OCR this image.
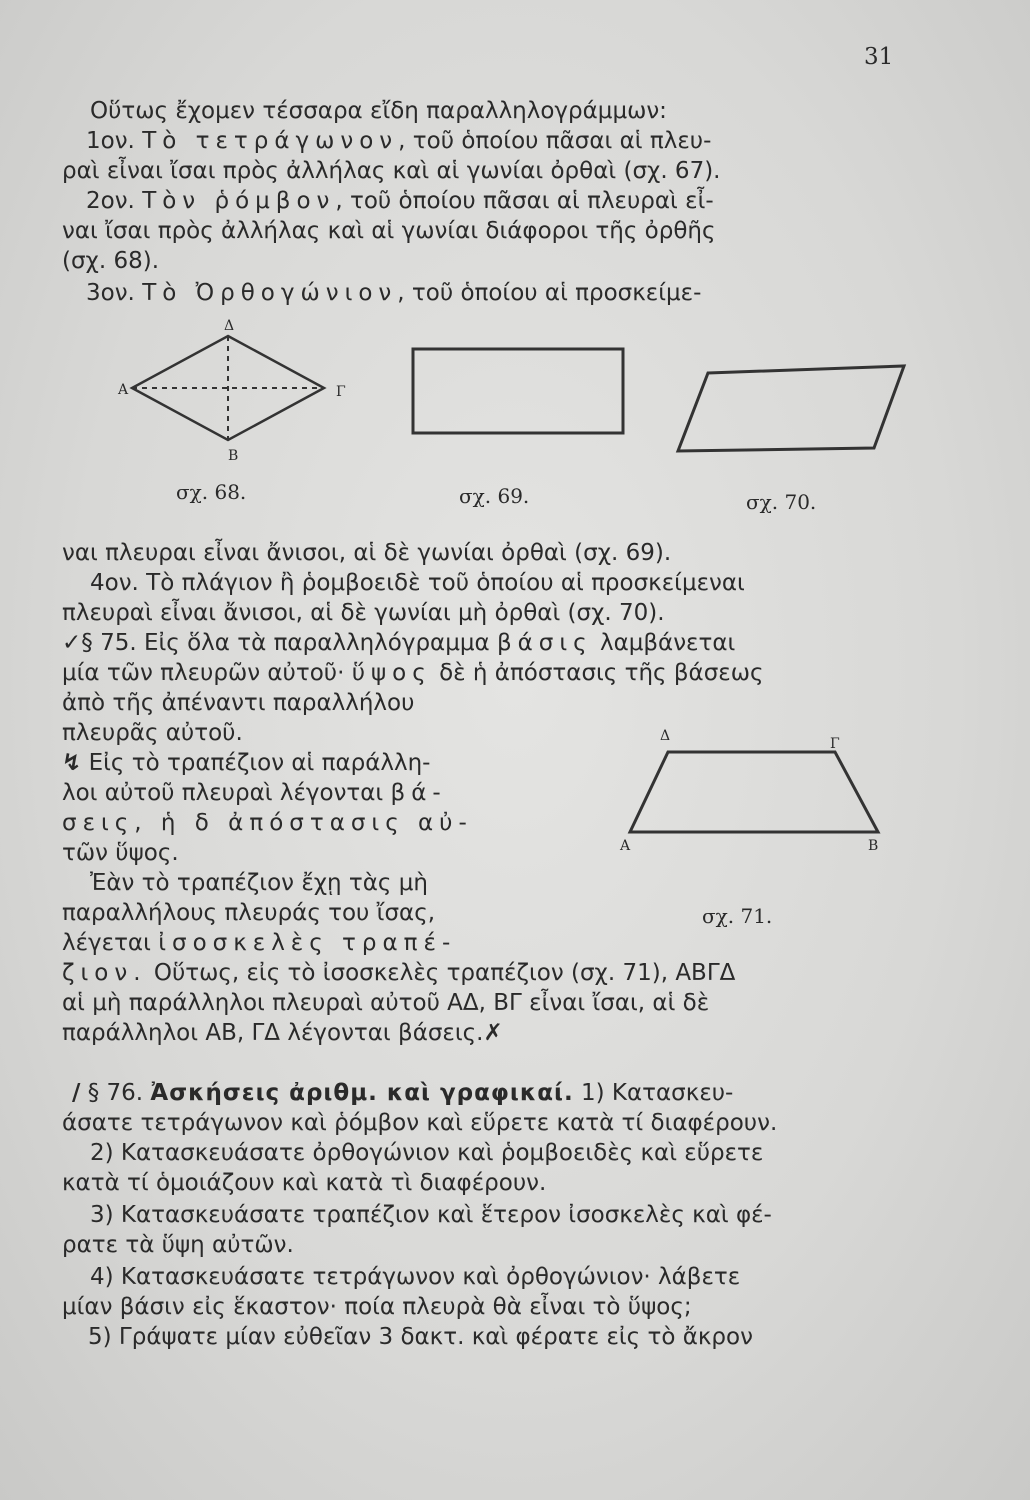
31
Οὕτως ἔχομεν τέσσαρα εἴδη παραλληλογράμμων:
1ον. Τὸ τετράγωνον, τοῦ ὁποίου πᾶσαι αἱ πλευ-
ραὶ εἶναι ἴσαι πρὸς ἀλλήλας καὶ αἱ γωνίαι ὀρθαὶ (σχ. 67).
2ον. Τὸν ῥόμβον, τοῦ ὁποίου πᾶσαι αἱ πλευραὶ εἶ-
ναι ἴσαι πρὸς ἀλλήλας καὶ αἱ γωνίαι διάφοροι τῆς ὀρθῆς
(σχ. 68).
3ον. Τὸ Ὀρθογώνιον, τοῦ ὁποίου αἱ προσκείμε-
Δ
Α	Γ
Β
Δ	Γ
Α	Β
σχ. 68.	σχ. 69.	σχ. 70.
σχ. 71.
ναι πλευραι εἶναι ἄνισοι, αἱ δὲ γωνίαι ὀρθαὶ (σχ. 69).
4ον. Τὸ πλάγιον ἢ ῥομβοειδὲ τοῦ ὁποίου αἱ προσκείμεναι
πλευραὶ εἶναι ἄνισοι, αἱ δὲ γωνίαι μὴ ὀρθαὶ (σχ. 70).
✓§ 75. Εἰς ὅλα τὰ παραλληλόγραμμα βάσις λαμβάνεται
μία τῶν πλευρῶν αὐτοῦ· ὕψος δὲ ἡ ἀπόστασις τῆς βάσεως
ἀπὸ τῆς ἀπέναντι παραλλήλου
πλευρᾶς αὐτοῦ.
↯ Εἰς τὸ τραπέζιον αἱ παράλλη-
λοι αὐτοῦ πλευραὶ λέγονται βά-
σεις, ἡ δ ἀπόστασις αὐ-
τῶν ὕψος.
Ἐὰν τὸ τραπέζιον ἔχῃ τὰς μὴ
παραλλήλους πλευράς του ἴσας,
λέγεται ἰσοσκελὲς τραπέ-
ζιον. Οὕτως, εἰς τὸ ἰσοσκελὲς τραπέζιον (σχ. 71), ΑΒΓΔ
αἱ μὴ παράλληλοι πλευραὶ αὐτοῦ ΑΔ, ΒΓ εἶναι ἴσαι, αἱ δὲ
παράλληλοι ΑΒ, ΓΔ λέγονται βάσεις.✗
/ § 76. Ἀσκήσεις ἀριθμ. καὶ γραφικαί. 1) Κατασκευ-
άσατε τετράγωνον καὶ ῥόμβον καὶ εὕρετε κατὰ τί διαφέρουν.
2) Κατασκευάσατε ὀρθογώνιον καὶ ῥομβοειδὲς καὶ εὕρετε
κατὰ τί ὁμοιάζουν καὶ κατὰ τὶ διαφέρουν.
3) Κατασκευάσατε τραπέζιον καὶ ἕτερον ἰσοσκελὲς καὶ φέ-
ρατε τὰ ὕψη αὐτῶν.
4) Κατασκευάσατε τετράγωνον καὶ ὀρθογώνιον· λάβετε
μίαν βάσιν εἰς ἕκαστον· ποία πλευρὰ θὰ εἶναι τὸ ὕψος;
5) Γράψατε μίαν εὐθεῖαν 3 δακτ. καὶ φέρατε εἰς τὸ ἄκρον
